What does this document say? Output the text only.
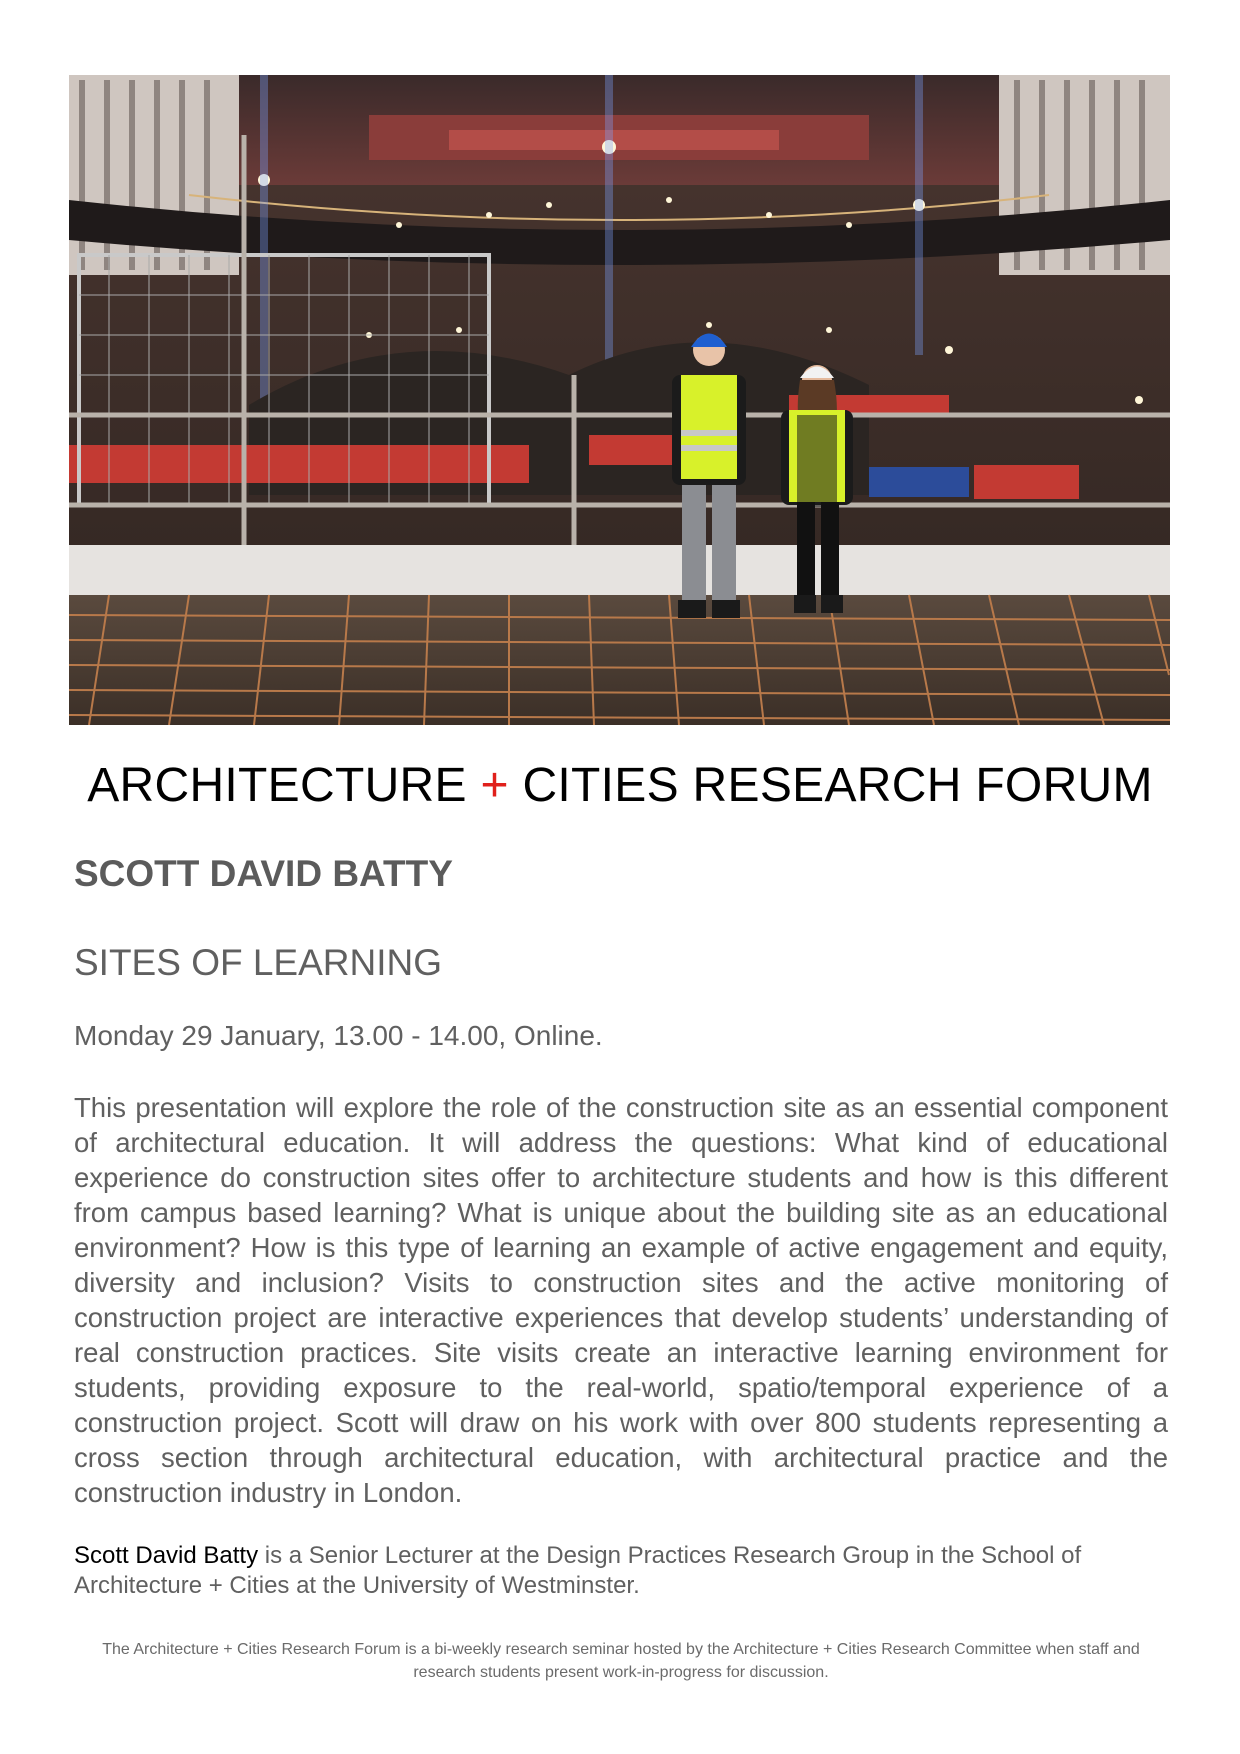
ARCHITECTURE + CITIES RESEARCH FORUM
SCOTT DAVID BATTY
SITES OF LEARNING
Monday 29 January, 13.00 - 14.00, Online.
This presentation will explore the role of the construction site as an essential component of architectural education. It will address the questions: What kind of educational experience do construction sites offer to architecture students and how is this different from campus based learning? What is unique about the building site as an educational environment? How is this type of learning an example of active engagement and equity, diversity and inclusion? Visits to construction sites and the active monitoring of construction project are interactive experiences that develop students’ understanding of real construction practices. Site visits create an interactive learning environment for students, providing exposure to the real-world, spatio/temporal experience of a construction project. Scott will draw on his work with over 800 students representing a cross section through architectural education, with architectural practice and the construction industry in London.
Scott David Batty is a Senior Lecturer at the Design Practices Research Group in the School of Architecture + Cities at the University of Westminster.
The Architecture + Cities Research Forum is a bi-weekly research seminar hosted by the Architecture + Cities Research Committee when staff and research students present work-in-progress for discussion.
